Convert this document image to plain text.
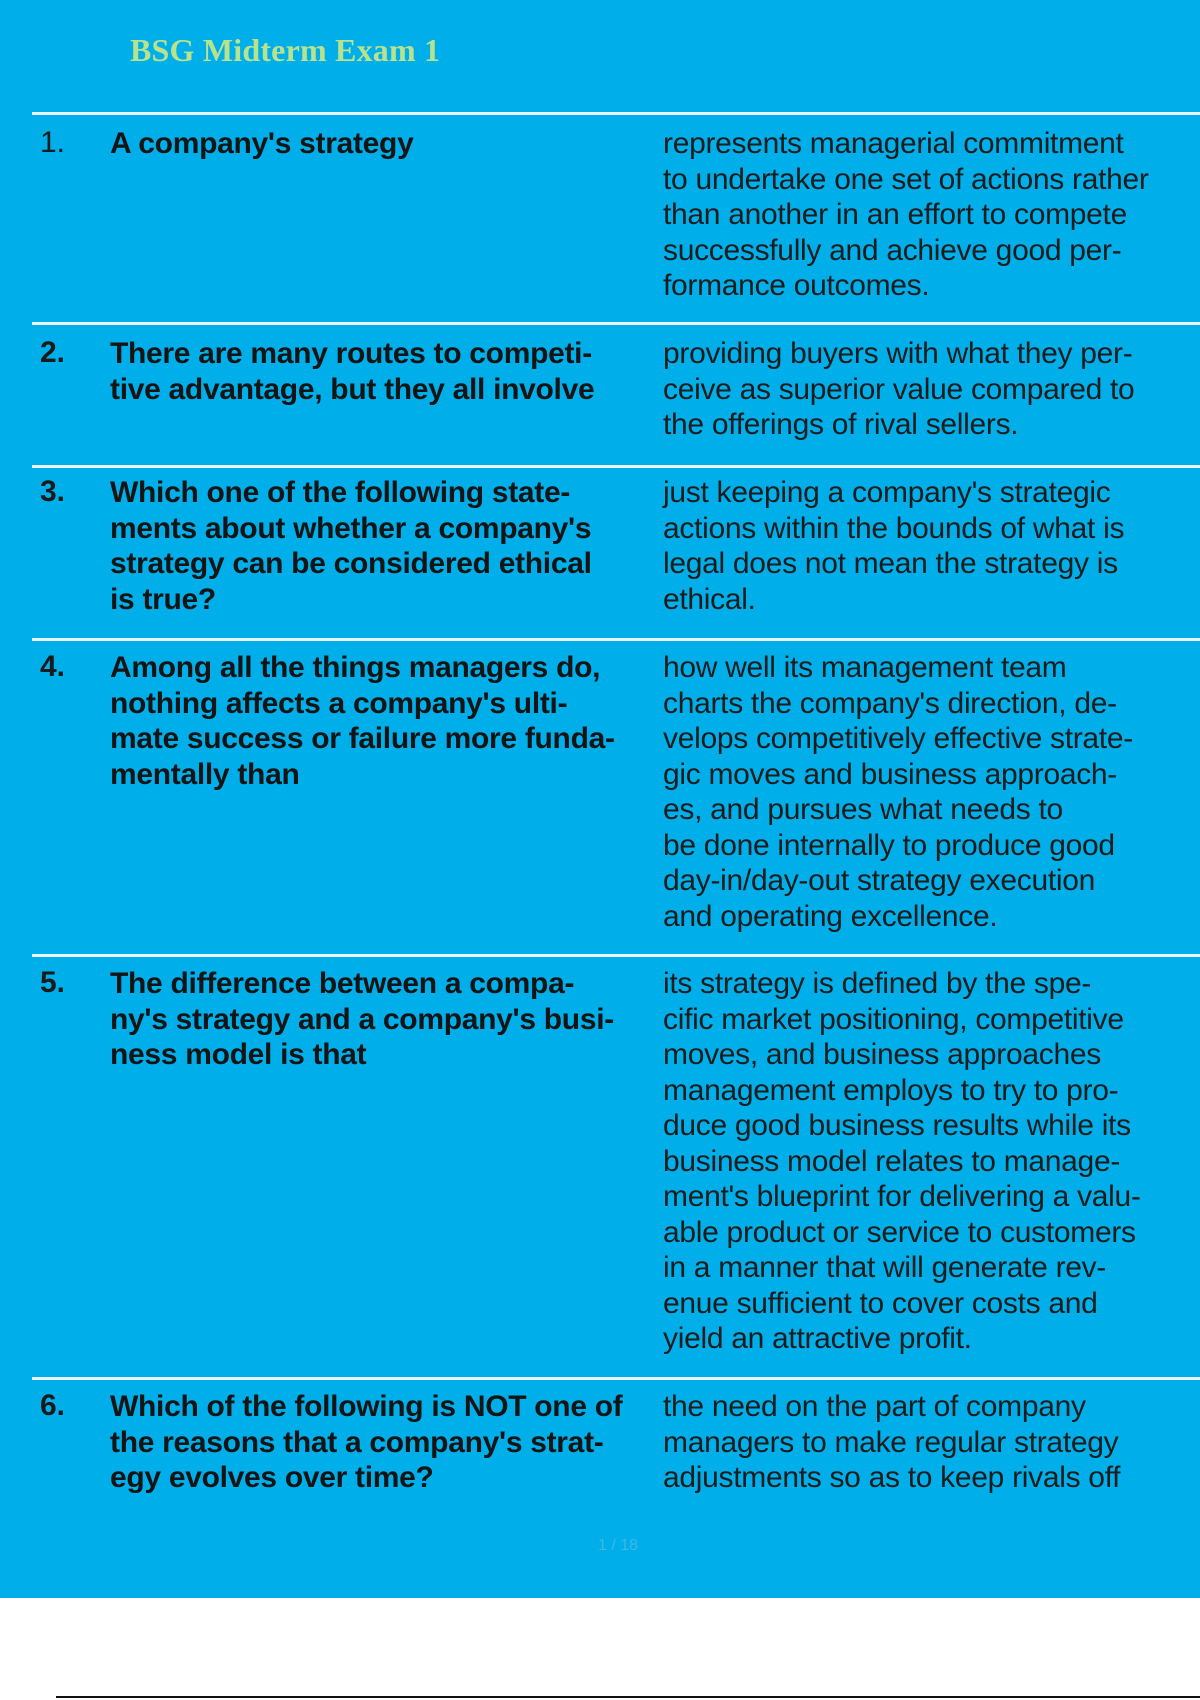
BSG Midterm Exam 1
1. A company's strategy	represents managerial commitment
to undertake one set of actions rather
than another in an effort to compete
successfully and achieve good per-
formance outcomes.
2. There are many routes to competi-
tive advantage, but they all involve
providing buyers with what they per-
ceive as superior value compared to
the offerings of rival sellers.
3. Which one of the following state-
ments about whether a company's
strategy can be considered ethical
is true?
just keeping a company's strategic
actions within the bounds of what is
legal does not mean the strategy is
ethical.
4. Among all the things managers do,
nothing affects a company's ulti-
mate success or failure more funda-
mentally than
how well its management team
charts the company's direction, de-
velops competitively effective strate-
gic moves and business approach-
es, and pursues what needs to
be done internally to produce good
day-in/day-out strategy execution
and operating excellence.
5. The difference between a compa-
ny's strategy and a company's busi-
ness model is that
its strategy is defined by the spe-
cific market positioning, competitive
moves, and business approaches
management employs to try to pro-
duce good business results while its
business model relates to manage-
ment's blueprint for delivering a valu-
able product or service to customers
in a manner that will generate rev-
enue sufficient to cover costs and
yield an attractive profit.
6. Which of the following is NOT one of
the reasons that a company's strat-
egy evolves over time?
the need on the part of company
managers to make regular strategy
adjustments so as to keep rivals off
1 / 18
